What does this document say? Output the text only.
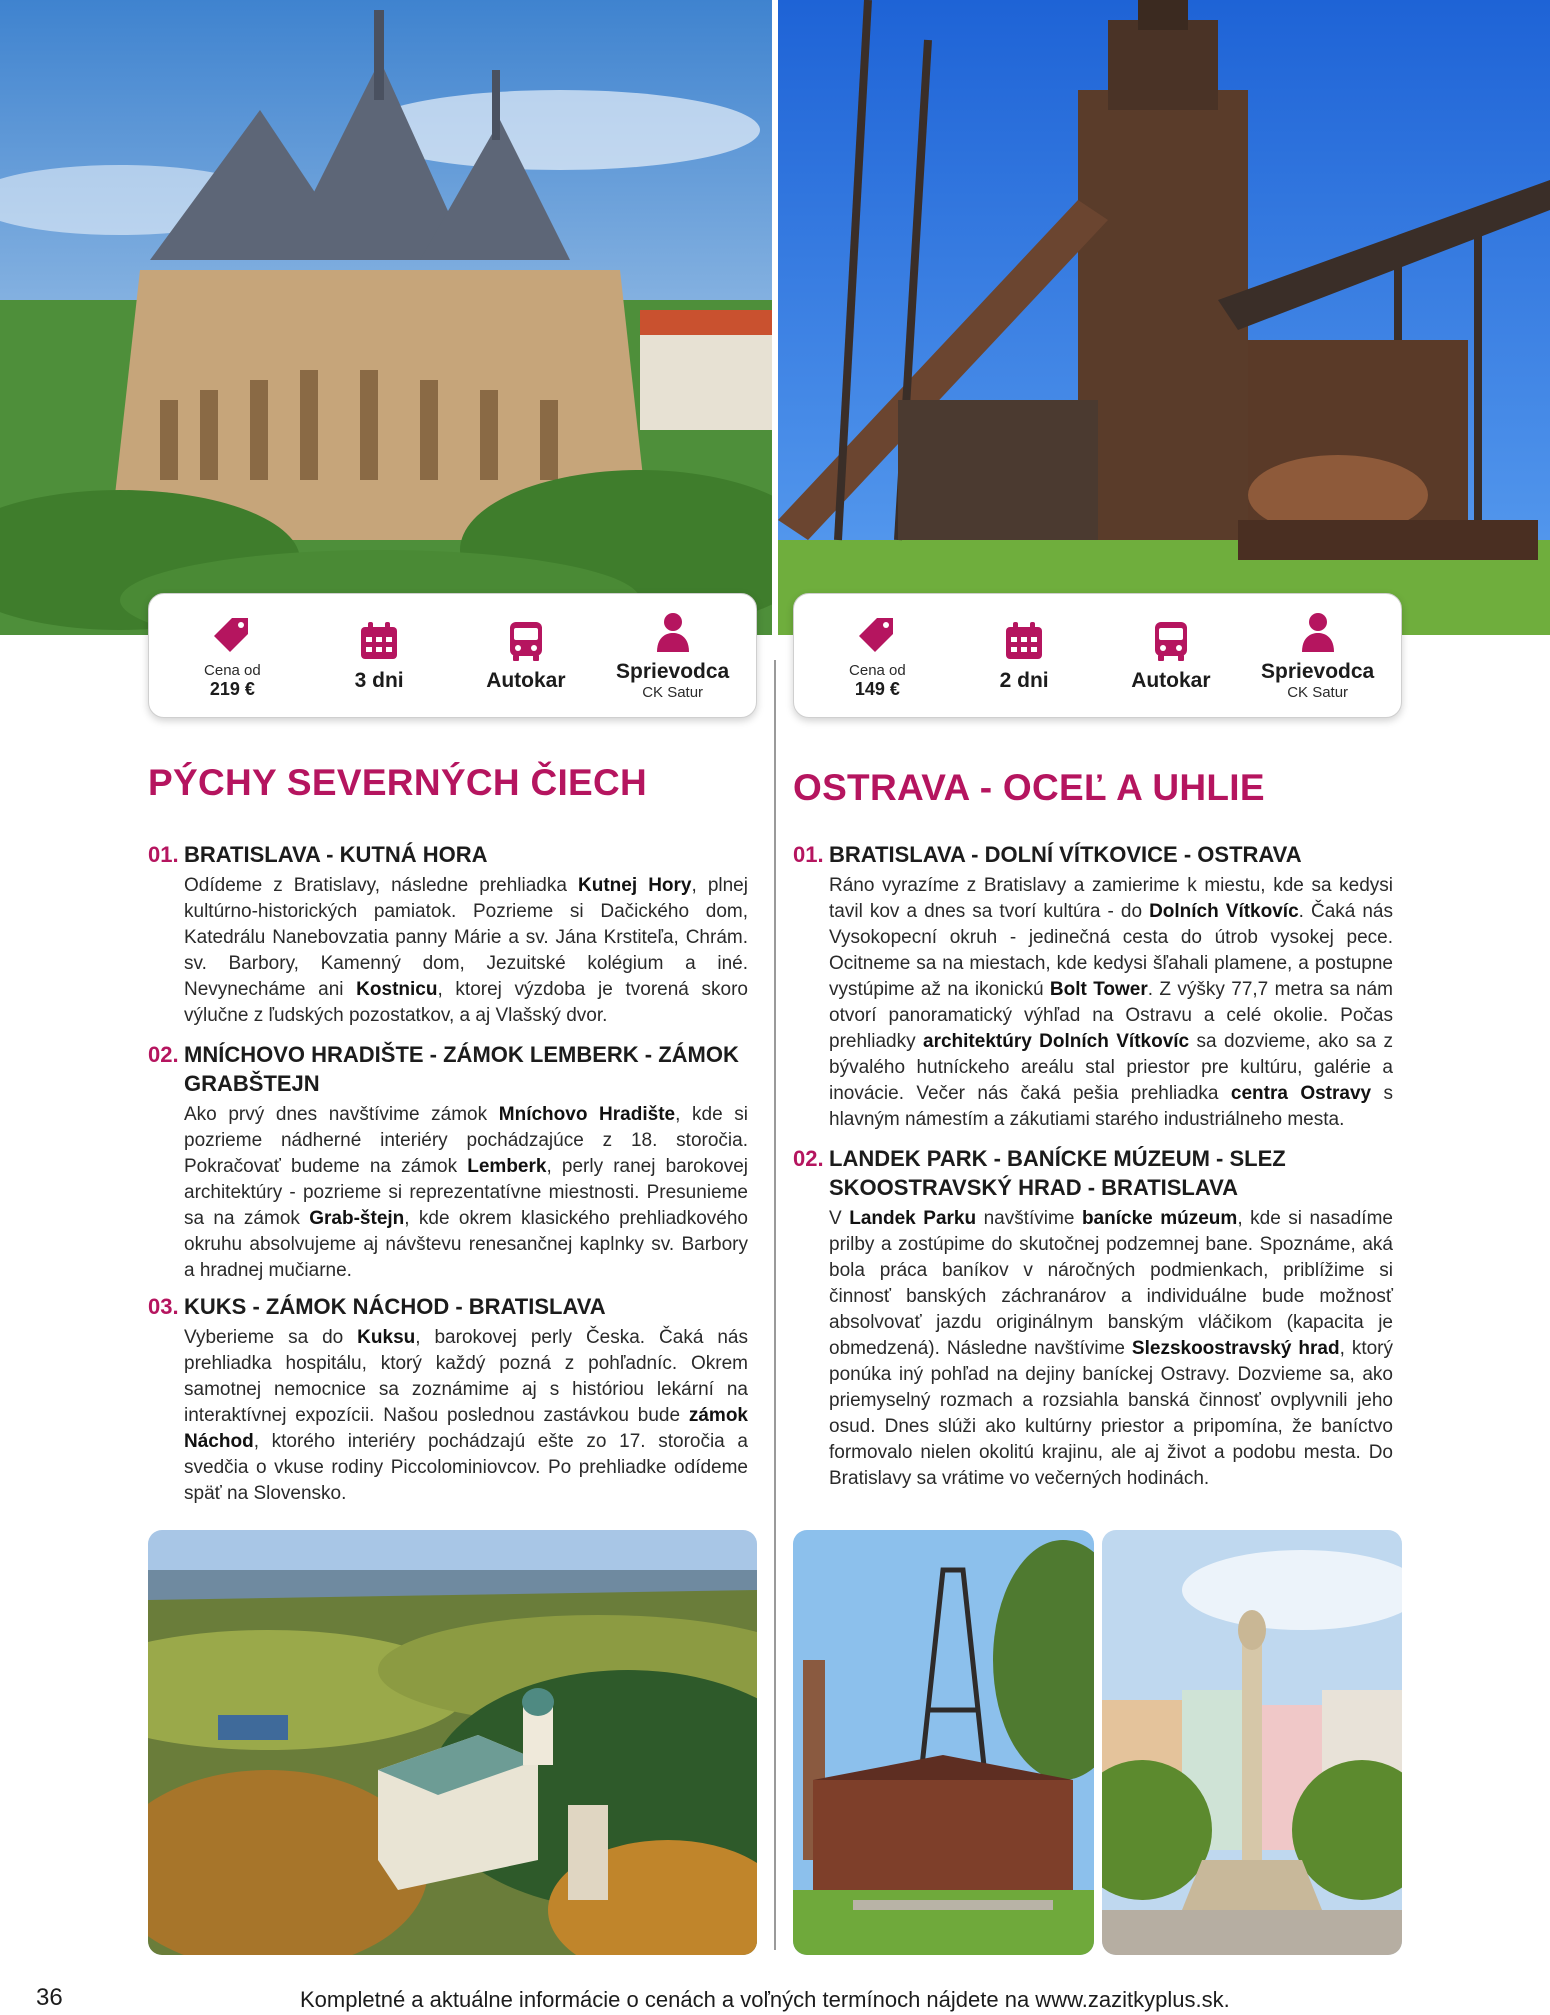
Cena od
219 €	3 dni	Autokar Sprievodca
CK Satur
Cena od
149 €	2 dni	Autokar Sprievodca
CK Satur
PÝCHY SEVERNÝCH ČIECH	OSTRAVA - OCEĽ A UHLIE
01. BRATISLAVA - KUTNÁ HORA
Odídeme z Bratislavy, následne prehliadka Kutnej Hory, plnej kultúrno-historických pamiatok. Pozrieme si Dačického dom, Katedrálu Nanebovzatia panny Márie a sv. Jána Krstiteľa, Chrám. sv. Barbory, Kamenný dom, Jezuitské kolégium a iné. Nevynecháme ani Kostnicu, ktorej výzdoba je tvorená skoro výlučne z ľudských pozostatkov, a aj Vlašský dvor.
02. MNÍCHOVO HRADIŠTE - ZÁMOK LEMBERK - ZÁMOK GRABŠTEJN
Ako prvý dnes navštívime zámok Mníchovo Hradište, kde si pozrieme nádherné interiéry pochádzajúce z 18. storočia. Pokračovať budeme na zámok Lemberk, perly ranej barokovej architektúry - pozrieme si reprezentatívne miestnosti. Presunieme sa na zámok Grab-štejn, kde okrem klasického prehliadkového okruhu absolvujeme aj návštevu renesančnej kaplnky sv. Barbory a hradnej mučiarne.
03. KUKS - ZÁMOK NÁCHOD - BRATISLAVA
Vyberieme sa do Kuksu, barokovej perly Česka. Čaká nás prehliadka hospitálu, ktorý každý pozná z pohľadníc. Okrem samotnej nemocnice sa zoznámime aj s históriou lekární na interaktívnej expozícii. Našou poslednou zastávkou bude zámok Náchod, ktorého interiéry pochádzajú ešte zo 17. storočia a svedčia o vkuse rodiny Piccolominiovcov. Po prehliadke odídeme späť na Slovensko.
01. BRATISLAVA - DOLNÍ VÍTKOVICE - OSTRAVA
Ráno vyrazíme z Bratislavy a zamierime k miestu, kde sa kedysi tavil kov a dnes sa tvorí kultúra - do Dolních Vítkovíc. Čaká nás Vysokopecní okruh - jedinečná cesta do útrob vysokej pece. Ocitneme sa na miestach, kde kedysi šľahali plamene, a postupne vystúpime až na ikonickú Bolt Tower. Z výšky 77,7 metra sa nám otvorí panoramatický výhľad na Ostravu a celé okolie. Počas prehliadky architektúry Dolních Vítkovíc sa dozvieme, ako sa z bývalého hutníckeho areálu stal priestor pre kultúru, galérie a inovácie. Večer nás čaká pešia prehliadka centra Ostravy s hlavným námestím a zákutiami starého industriálneho mesta.
02. LANDEK PARK - BANÍCKE MÚZEUM - SLEZ SKOOSTRAVSKÝ HRAD - BRATISLAVA
V Landek Parku navštívime banícke múzeum, kde si nasadíme prilby a zostúpime do skutočnej podzemnej bane. Spoznáme, aká bola práca baníkov v náročných podmienkach, priblížime si činnosť banských záchranárov a individuálne bude možnosť absolvovať jazdu originálnym banským vláčikom (kapacita je obmedzená). Následne navštívime Slezskoostravský hrad, ktorý ponúka iný pohľad na dejiny baníckej Ostravy. Dozvieme sa, ako priemyselný rozmach a rozsiahla banská činnosť ovplyvnili jeho osud. Dnes slúži ako kultúrny priestor a pripomína, že baníctvo formovalo nielen okolitú krajinu, ale aj život a podobu mesta. Do Bratislavy sa vrátime vo večerných hodinách.
36	Kompletné a aktuálne informácie o cenách a voľných termínoch nájdete na www.zazitkyplus.sk.
